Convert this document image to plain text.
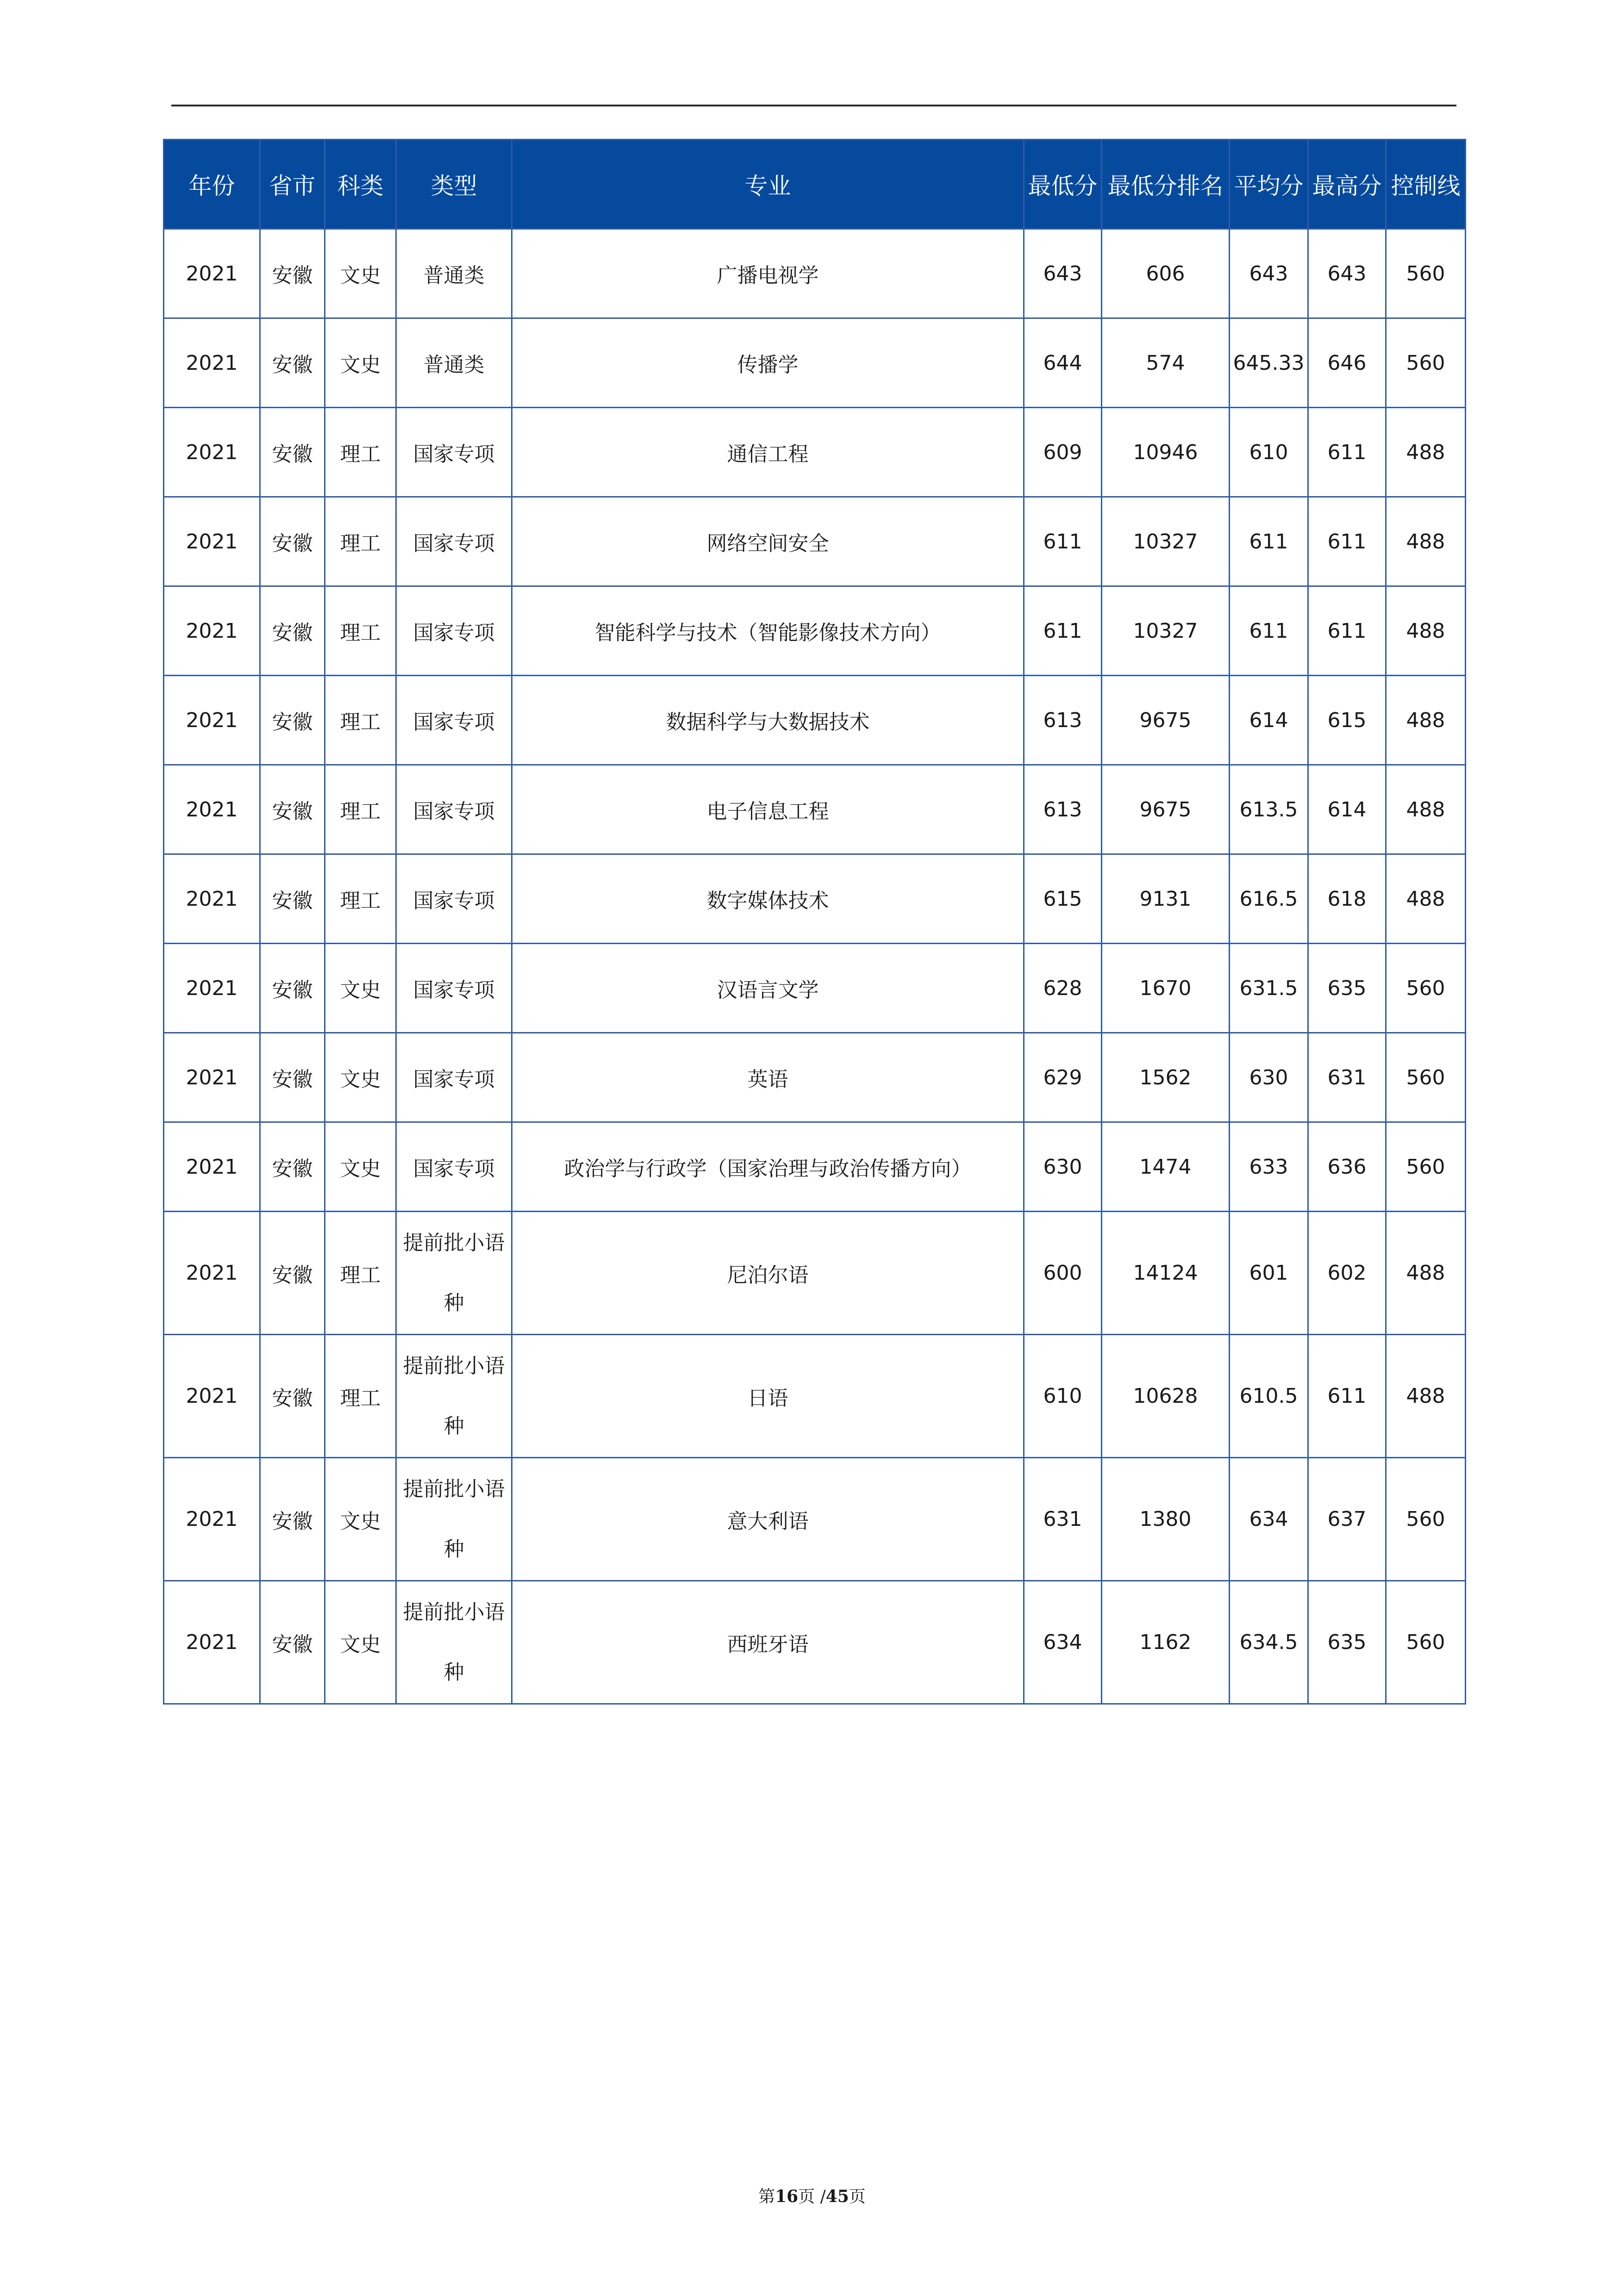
年份	省市	科类	类型	专业	最低分	最低分排名	平均分	最高分	控制线
2021	安徽	文史	普通类	广播电视学	643	606	643	643	560
2021	安徽	文史	普通类	传播学	644	574	645.33	646	560
2021	安徽	理工	国家专项	通信工程	609	10946	610	611	488
2021	安徽	理工	国家专项	网络空间安全	611	10327	611	611	488
2021	安徽	理工	国家专项	智能科学与技术（智能影像技术方向）	611	10327	611	611	488
2021	安徽	理工	国家专项	数据科学与大数据技术	613	9675	614	615	488
2021	安徽	理工	国家专项	电子信息工程	613	9675	613.5	614	488
2021	安徽	理工	国家专项	数字媒体技术	615	9131	616.5	618	488
2021	安徽	文史	国家专项	汉语言文学	628	1670	631.5	635	560
2021	安徽	文史	国家专项	英语	629	1562	630	631	560
2021	安徽	文史	国家专项	政治学与行政学（国家治理与政治传播方向）	630	1474	633	636	560
2021	安徽	理工	提前批小语种	尼泊尔语	600	14124	601	602	488
2021	安徽	理工	提前批小语种	日语	610	10628	610.5	611	488
2021	安徽	文史	提前批小语种	意大利语	631	1380	634	637	560
2021	安徽	文史	提前批小语种	西班牙语	634	1162	634.5	635	560
第16页 /45页
